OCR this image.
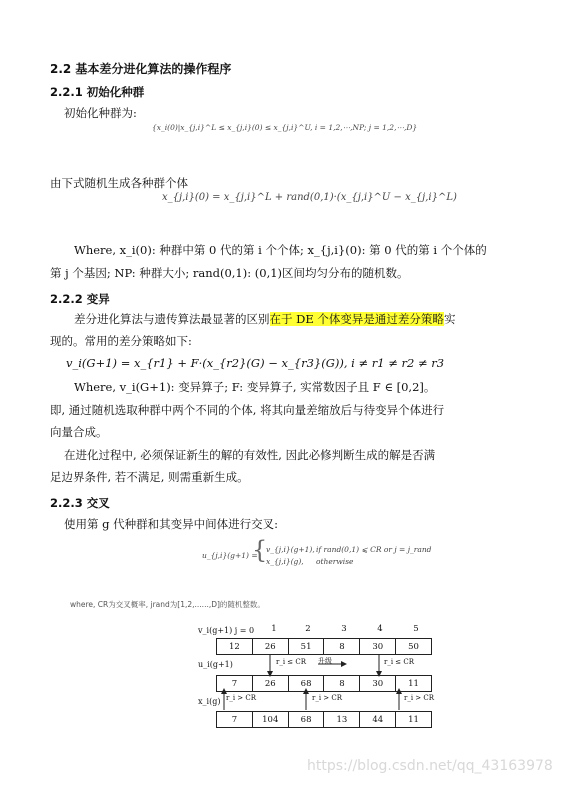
2.2 基本差分进化算法的操作程序
2.2.1 初始化种群
初始化种群为:
{x_i(0)|x_{j,i}^L ≤ x_{j,i}(0) ≤ x_{j,i}^U, i = 1,2,⋯,NP; j = 1,2,⋯,D}
由下式随机生成各种群个体
x_{j,i}(0) = x_{j,i}^L + rand(0,1)·(x_{j,i}^U − x_{j,i}^L)
Where, x_i(0): 种群中第 0 代的第 i 个个体; x_{j,i}(0): 第 0 代的第 i 个个体的
第 j 个基因; NP: 种群大小; rand(0,1): (0,1)区间均匀分布的随机数。
2.2.2 变异
差分进化算法与遗传算法最显著的区别在于 DE 个体变异是通过差分策略实
现的。常用的差分策略如下:
v_i(G+1) = x_{r1} + F·(x_{r2}(G) − x_{r3}(G)), i ≠ r1 ≠ r2 ≠ r3
Where, v_i(G+1): 变异算子; F: 变异算子, 实常数因子且 F ∈ [0,2]。
即, 通过随机选取种群中两个不同的个体, 将其向量差缩放后与待变异个体进行
向量合成。
在进化过程中, 必须保证新生的解的有效性, 因此必修判断生成的解是否满
足边界条件, 若不满足, 则需重新生成。
2.2.3 交叉
使用第 g 代种群和其变异中间体进行交叉:
u_{j,i}(g+1) =
{
v_{j,i}(g+1), if rand(0,1) ⩽ CR or j = j_rand
x_{j,i}(g), otherwise
where, CR为交叉概率, jrand为[1,2,......,D]的随机整数。
v_i(g+1) j = 0	1	2	3	4	5
12	26	51	8	30	50
u_i(g+1)	r_i ≤ CR 升级	r_i ≤ CR
7	26	68	8	30	11
x_i(g) r_i > CR	r_i > CR	r_i > CR
7	104	68	13	44	11
https://blog.csdn.net/qq_43163978
